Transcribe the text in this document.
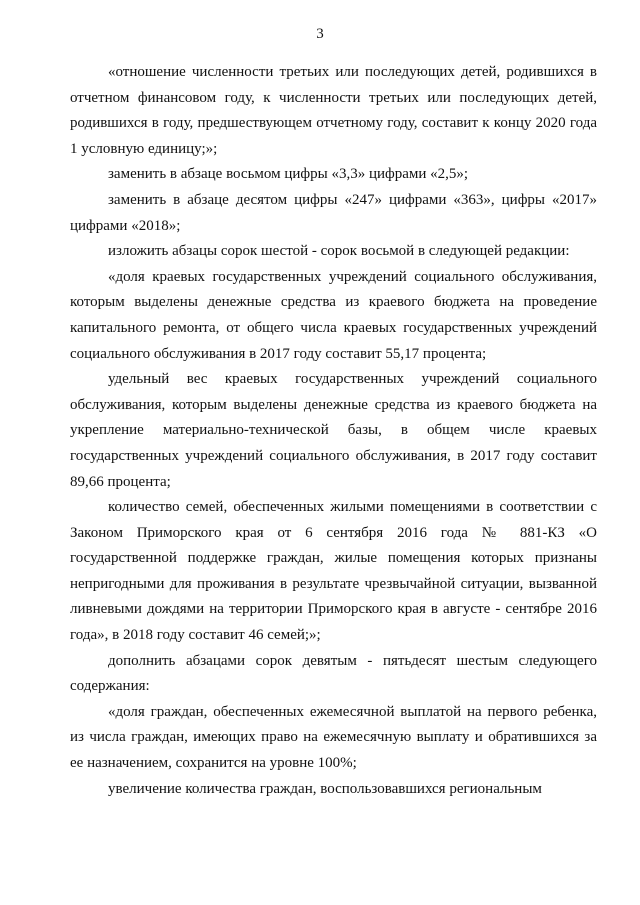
3

«отношение численности третьих или последующих детей, родившихся в отчетном финансовом году, к численности третьих или последующих детей, родившихся в году, предшествующем отчетному году, составит к концу 2020 года 1 условную единицу;»;

заменить в абзаце восьмом цифры «3,3» цифрами «2,5»;

заменить в абзаце десятом цифры «247» цифрами «363», цифры «2017» цифрами «2018»;

изложить абзацы сорок шестой - сорок восьмой в следующей редакции:

«доля краевых государственных учреждений социального обслуживания, которым выделены денежные средства из краевого бюджета на проведение капитального ремонта, от общего числа краевых государственных учреждений социального обслуживания в 2017 году составит 55,17 процента;

удельный вес краевых государственных учреждений социального обслуживания, которым выделены денежные средства из краевого бюджета на укрепление материально-технической базы, в общем числе краевых государственных учреждений социального обслуживания, в 2017 году составит 89,66 процента;

количество семей, обеспеченных жилыми помещениями в соответствии с Законом Приморского края от 6 сентября 2016 года № 881-КЗ «О государственной поддержке граждан, жилые помещения которых признаны непригодными для проживания в результате чрезвычайной ситуации, вызванной ливневыми дождями на территории Приморского края в августе - сентябре 2016 года», в 2018 году составит 46 семей;»;

дополнить абзацами сорок девятым - пятьдесят шестым следующего содержания:

«доля граждан, обеспеченных ежемесячной выплатой на первого ребенка, из числа граждан, имеющих право на ежемесячную выплату и обратившихся за ее назначением, сохранится на уровне 100%;

увеличение количества граждан, воспользовавшихся региональным
